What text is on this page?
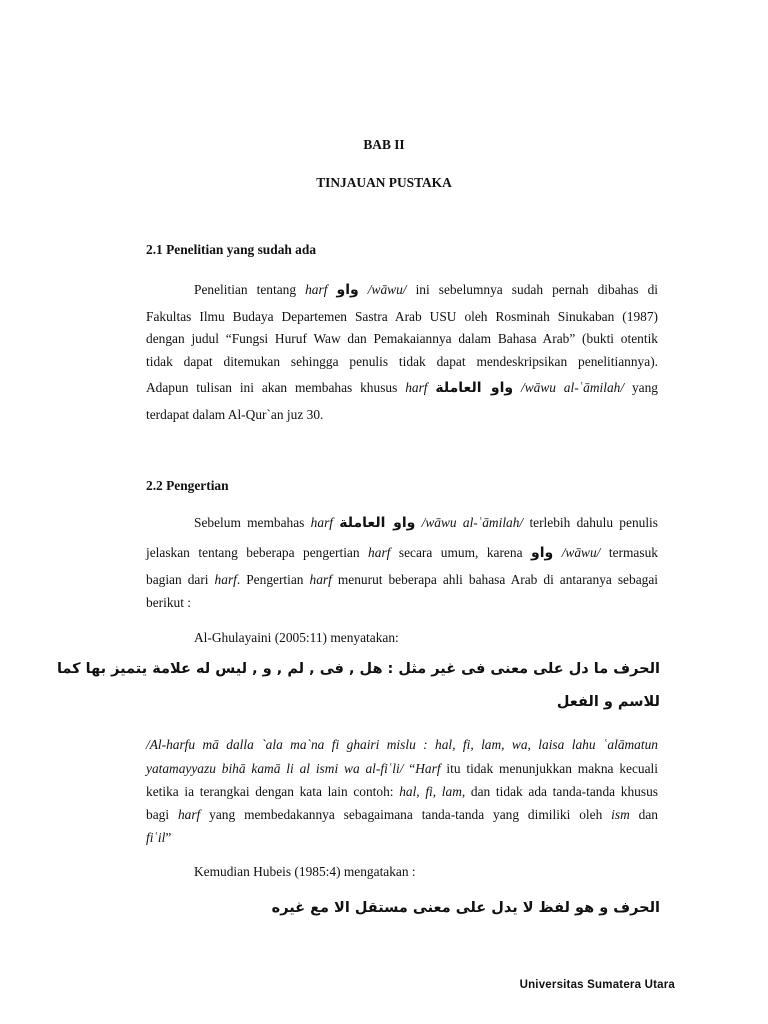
BAB II
TINJAUAN PUSTAKA
2.1 Penelitian yang sudah ada
Penelitian tentang harf واو /wāwu/ ini sebelumnya sudah pernah dibahas di
Fakultas Ilmu Budaya Departemen Sastra Arab USU oleh Rosminah Sinukaban (1987)
dengan judul “Fungsi Huruf Waw dan Pemakaiannya dalam Bahasa Arab” (bukti otentik
tidak dapat ditemukan sehingga penulis tidak dapat mendeskripsikan penelitiannya).
Adapun tulisan ini akan membahas khusus harf واو العاملة /wāwu al-ʿāmilah/ yang
terdapat dalam Al-Qur`an juz 30.
2.2 Pengertian
Sebelum membahas harf واو العاملة /wāwu al-ʿāmilah/ terlebih dahulu penulis
jelaskan tentang beberapa pengertian harf secara umum, karena واو /wāwu/ termasuk
bagian dari harf. Pengertian harf menurut beberapa ahli bahasa Arab di antaranya sebagai
berikut :
Al-Ghulayaini (2005:11) menyatakan:
الحرف ما دل على معنى فى غير مثل : هل , فى , لم , و , ليس له علامة يتميز بها كما
للاسم و الفعل
/Al-harfu mā dalla `ala ma`na fi ghairi mislu : hal, fi, lam, wa, laisa lahu ʿalāmatun
yatamayyazu bihā kamā li al ismi wa al-fiʿli/ “Harf itu tidak menunjukkan makna kecuali
ketika ia terangkai dengan kata lain contoh: hal, fi, lam, dan tidak ada tanda-tanda khusus
bagi harf yang membedakannya sebagaimana tanda-tanda yang dimiliki oleh ism dan
fiʿil”
Kemudian Hubeis (1985:4) mengatakan :
الحرف و هو لفظ لا يدل على معنى مستقل الا مع غيره
Universitas Sumatera Utara
